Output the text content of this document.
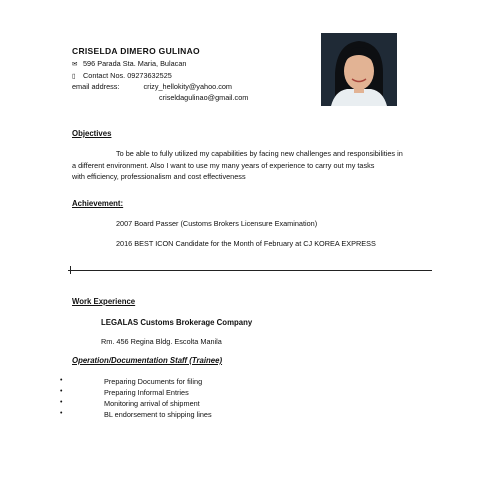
CRISELDA DIMERO GULINAO
✉ 596 Parada Sta. Maria, Bulacan
▯ Contact Nos. 09273632525
email address:	crizy_hellokity@yahoo.com
criseldagulinao@gmail.com
Objectives
To be able to fully utilized my capabilities by facing new challenges and responsibilities in
a different environment. Also I want to use my many years of experience to carry out my tasks
with efficiency, professionalism and cost effectiveness
Achievement:
2007 Board Passer (Customs Brokers Licensure Examination)
2016 BEST ICON Candidate for the Month of February at CJ KOREA EXPRESS
Work Experience
LEGALAS Customs Brokerage Company
Rm. 456 Regina Bldg. Escolta Manila
Operation/Documentation Staff (Trainee)
•	Preparing Documents for filing
•	Preparing Informal Entries
•	Monitoring arrival of shipment
•	BL endorsement to shipping lines
